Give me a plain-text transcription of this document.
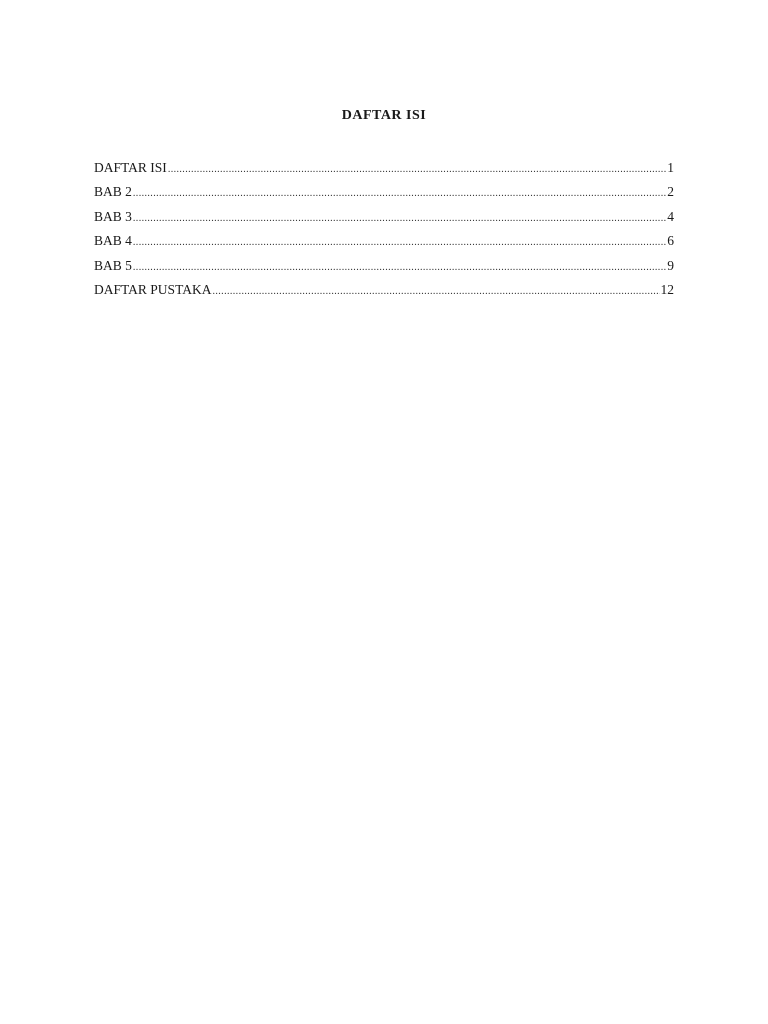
DAFTAR ISI
DAFTAR ISI .....	1
BAB 2 .....	2
BAB 3 .....	4
BAB 4 .....	6
BAB 5 .....	9
DAFTAR PUSTAKA .....	12
